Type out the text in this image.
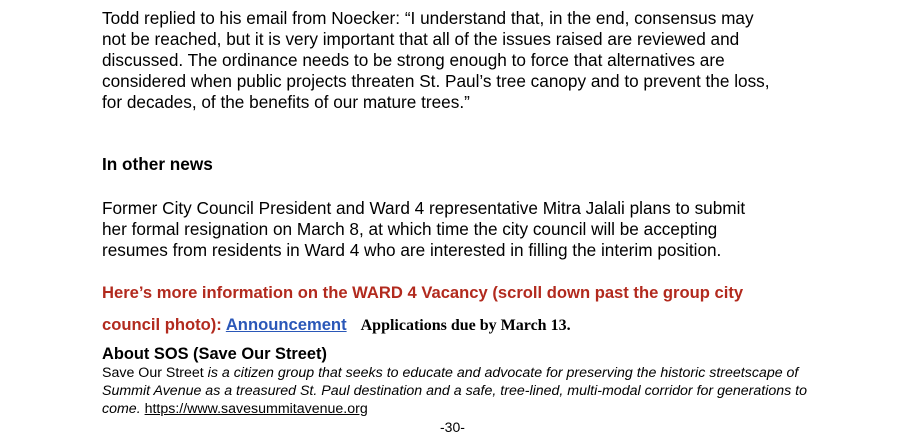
Todd replied to his email from Noecker: “I understand that, in the end, consensus may
not be reached, but it is very important that all of the issues raised are reviewed and
discussed. The ordinance needs to be strong enough to force that alternatives are
considered when public projects threaten St. Paul’s tree canopy and to prevent the loss,
for decades, of the benefits of our mature trees.”

In other news

Former City Council President and Ward 4 representative Mitra Jalali plans to submit
her formal resignation on March 8, at which time the city council will be accepting
resumes from residents in Ward 4 who are interested in filling the interim position.

Here’s more information on the WARD 4 Vacancy (scroll down past the group city
council photo): Announcement Applications due by March 13.
About SOS (Save Our Street)

Save Our Street is a citizen group that seeks to educate and advocate for preserving the historic streetscape of Summit Avenue as a treasured St. Paul destination and a safe, tree-lined, multi-modal corridor for generations to come. https://www.savesummitavenue.org

-30-
